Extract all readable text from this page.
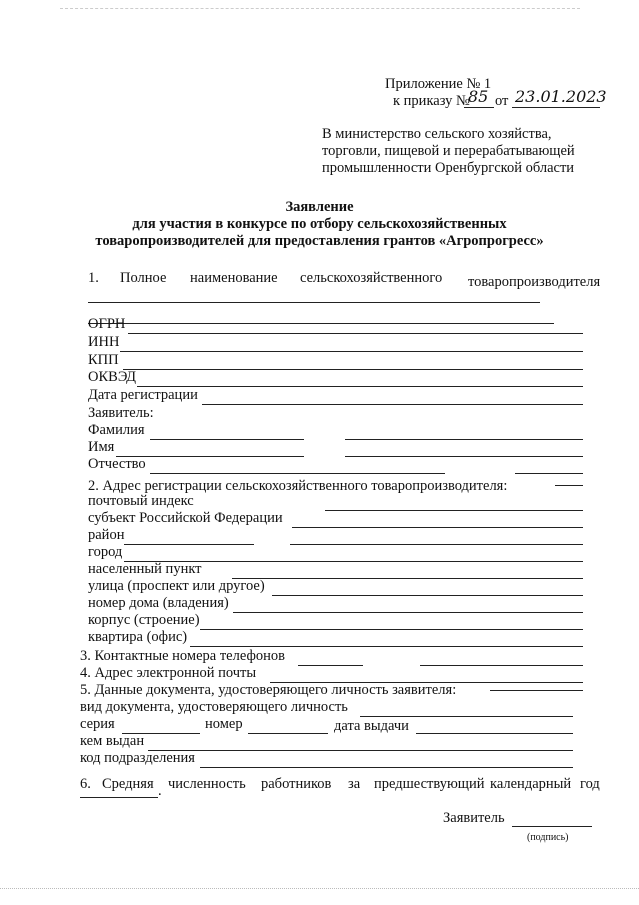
Приложение № 1
к приказу №
85 от 23.01.2023
В министерство сельского хозяйства,
торговли, пищевой и перерабатывающей
промышленности Оренбургской области
Заявление
для участия в конкурсе по отбору сельскохозяйственных
товаропроизводителей для предоставления грантов «Агропрогресс»
1. Полное наименование сельскохозяйственного товаропроизводителя
ОГРН
ИНН
КПП
ОКВЭД
Дата регистрации
Заявитель:
Фамилия
Имя
Отчество
2. Адрес регистрации сельскохозяйственного товаропроизводителя:
почтовый индекс
субъект Российской Федерации
район
город
населенный пункт
улица (проспект или другое)
номер дома (владения)
корпус (строение)
квартира (офис)
3. Контактные номера телефонов
4. Адрес электронной почты
5. Данные документа, удостоверяющего личность заявителя:
вид документа, удостоверяющего личность
серия	номер	дата выдачи
кем выдан
код подразделения
6. Средняя численность работников за предшествующий календарный год
.
Заявитель
(подпись)
